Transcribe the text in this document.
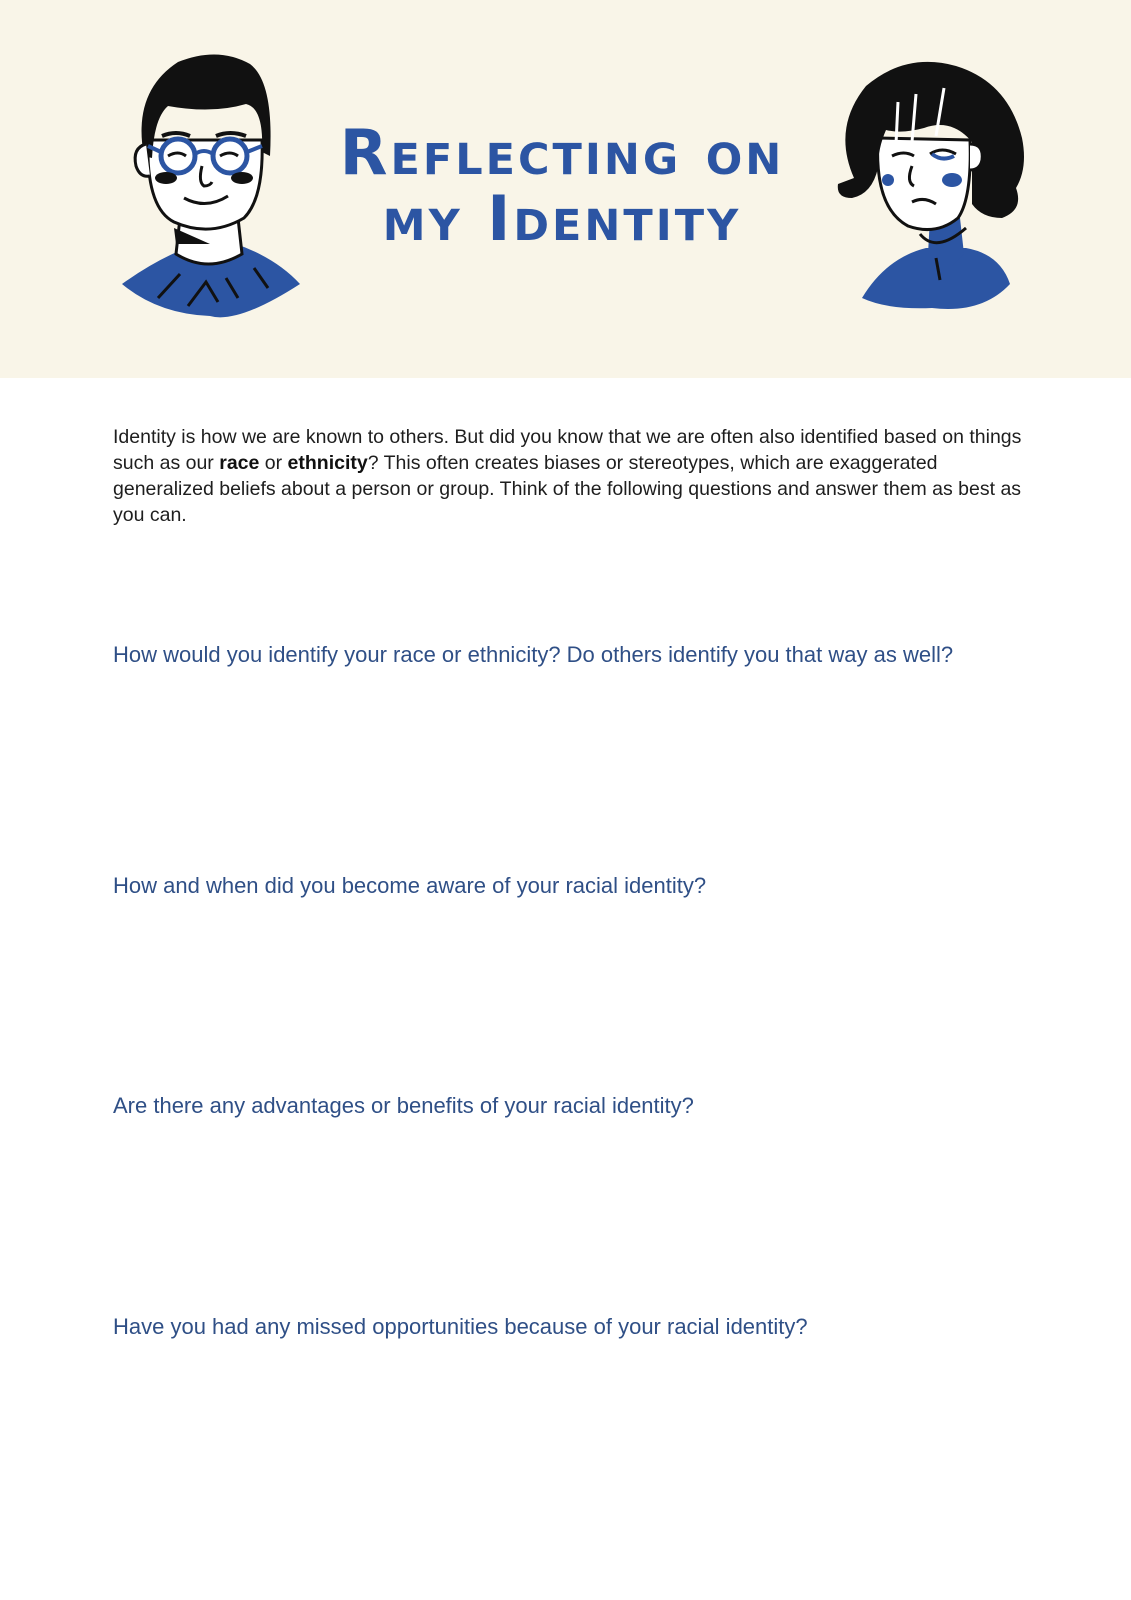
Reflecting on
my Identity
Identity is how we are known to others. But did you know that we are often also identified based on things such as our race or ethnicity? This often creates biases or stereotypes, which are exaggerated generalized beliefs about a person or group. Think of the following questions and answer them as best as you can.
How would you identify your race or ethnicity? Do others identify you that way as well?
How and when did you become aware of your racial identity?
Are there any advantages or benefits of your racial identity?
Have you had any missed opportunities because of your racial identity?
